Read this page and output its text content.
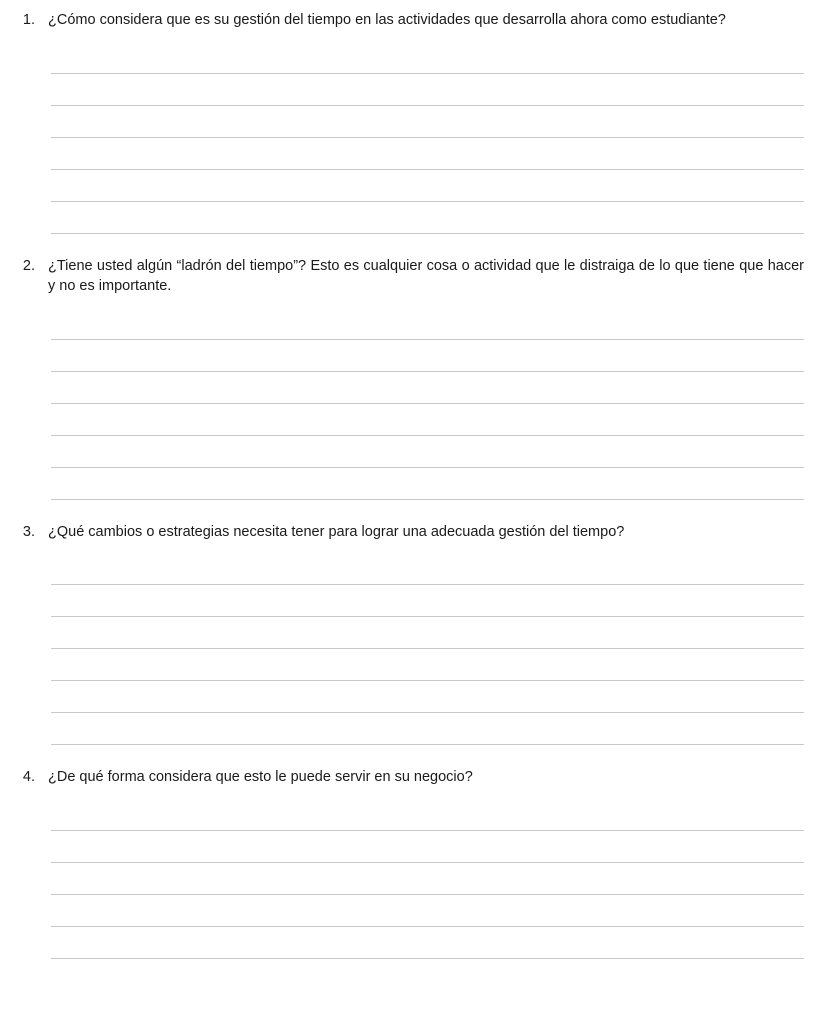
1. ¿Cómo considera que es su gestión del tiempo en las actividades que desarrolla ahora como estudiante?
2. ¿Tiene usted algún “ladrón del tiempo”? Esto es cualquier cosa o actividad que le distraiga de lo que tiene que hacer y no es importante.
3. ¿Qué cambios o estrategias necesita tener para lograr una adecuada gestión del tiempo?
4. ¿De qué forma considera que esto le puede servir en su negocio?
